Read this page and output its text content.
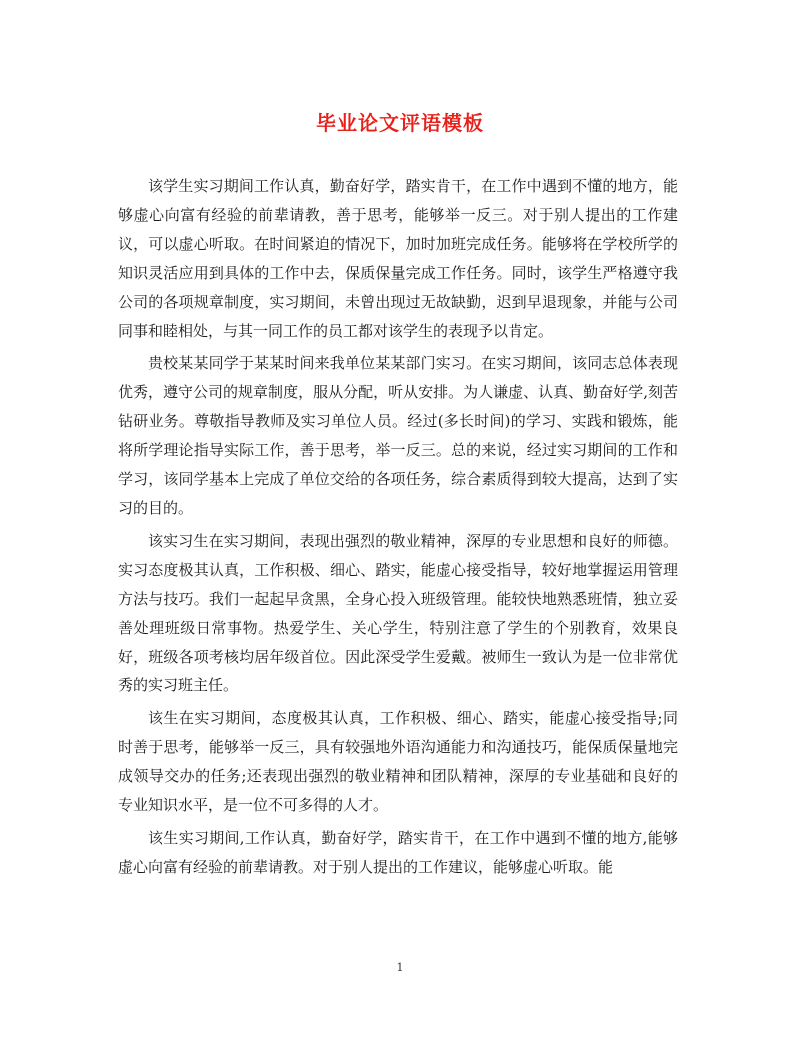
毕业论文评语模板

该学生实习期间工作认真，勤奋好学，踏实肯干，在工作中遇到不懂的地方，能够虚心向富有经验的前辈请教，善于思考，能够举一反三。对于别人提出的工作建议，可以虚心听取。在时间紧迫的情况下，加时加班完成任务。能够将在学校所学的知识灵活应用到具体的工作中去，保质保量完成工作任务。同时，该学生严格遵守我公司的各项规章制度，实习期间，未曾出现过无故缺勤，迟到早退现象，并能与公司同事和睦相处，与其一同工作的员工都对该学生的表现予以肯定。

贵校某某同学于某某时间来我单位某某部门实习。在实习期间，该同志总体表现优秀，遵守公司的规章制度，服从分配，听从安排。为人谦虚、认真、勤奋好学,刻苦钻研业务。尊敬指导教师及实习单位人员。经过(多长时间)的学习、实践和锻炼，能将所学理论指导实际工作，善于思考，举一反三。总的来说，经过实习期间的工作和学习，该同学基本上完成了单位交给的各项任务，综合素质得到较大提高，达到了实习的目的。

该实习生在实习期间，表现出强烈的敬业精神，深厚的专业思想和良好的师德。实习态度极其认真，工作积极、细心、踏实，能虚心接受指导，较好地掌握运用管理方法与技巧。我们一起起早贪黑，全身心投入班级管理。能较快地熟悉班情，独立妥善处理班级日常事物。热爱学生、关心学生，特别注意了学生的个别教育，效果良好，班级各项考核均居年级首位。因此深受学生爱戴。被师生一致认为是一位非常优秀的实习班主任。

该生在实习期间，态度极其认真，工作积极、细心、踏实，能虚心接受指导;同时善于思考，能够举一反三，具有较强地外语沟通能力和沟通技巧，能保质保量地完成领导交办的任务;还表现出强烈的敬业精神和团队精神，深厚的专业基础和良好的专业知识水平，是一位不可多得的人才。

该生实习期间,工作认真，勤奋好学，踏实肯干，在工作中遇到不懂的地方,能够虚心向富有经验的前辈请教。对于别人提出的工作建议，能够虚心听取。能

1
